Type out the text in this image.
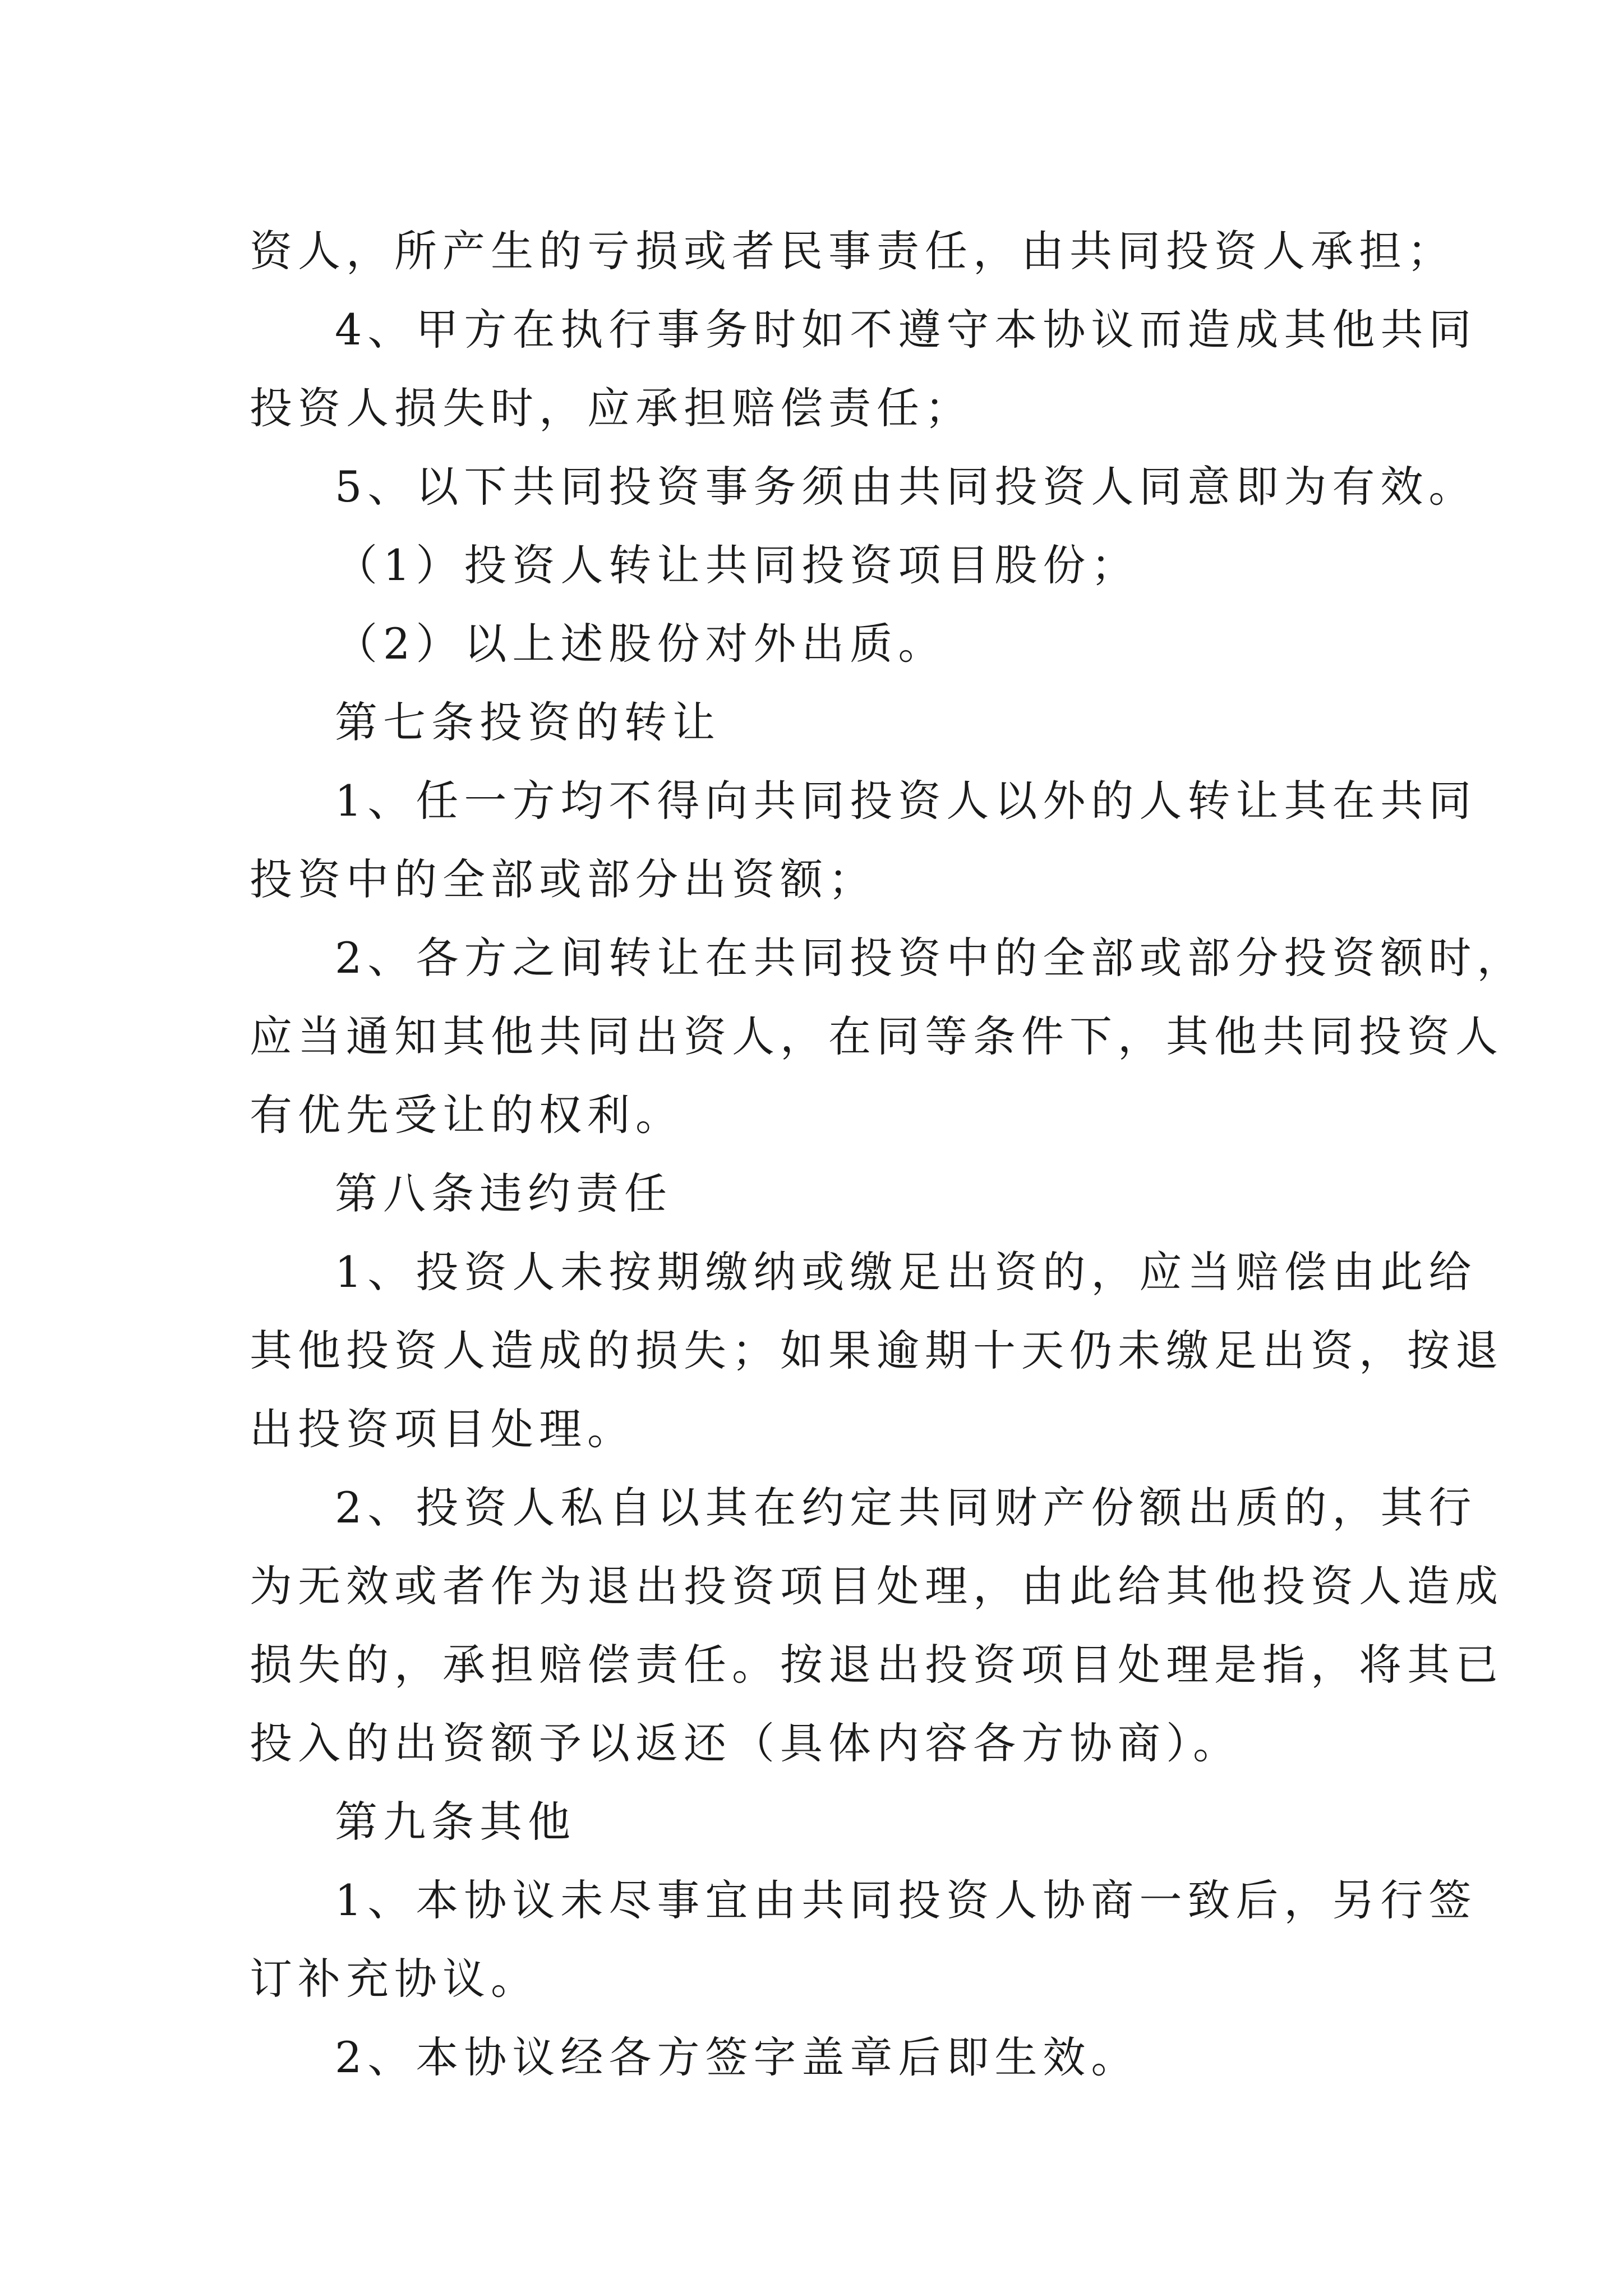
资人，所产生的亏损或者民事责任，由共同投资人承担；
4、甲方在执行事务时如不遵守本协议而造成其他共同
投资人损失时，应承担赔偿责任；
5、以下共同投资事务须由共同投资人同意即为有效。
（1）投资人转让共同投资项目股份；
（2）以上述股份对外出质。
第七条投资的转让
1、任一方均不得向共同投资人以外的人转让其在共同
投资中的全部或部分出资额；
2、各方之间转让在共同投资中的全部或部分投资额时，
应当通知其他共同出资人，在同等条件下，其他共同投资人
有优先受让的权利。
第八条违约责任
1、投资人未按期缴纳或缴足出资的，应当赔偿由此给
其他投资人造成的损失；如果逾期十天仍未缴足出资，按退
出投资项目处理。
2、投资人私自以其在约定共同财产份额出质的，其行
为无效或者作为退出投资项目处理，由此给其他投资人造成
损失的，承担赔偿责任。按退出投资项目处理是指，将其已
投入的出资额予以返还（具体内容各方协商）。
第九条其他
1、本协议未尽事宜由共同投资人协商一致后，另行签
订补充协议。
2、本协议经各方签字盖章后即生效。
